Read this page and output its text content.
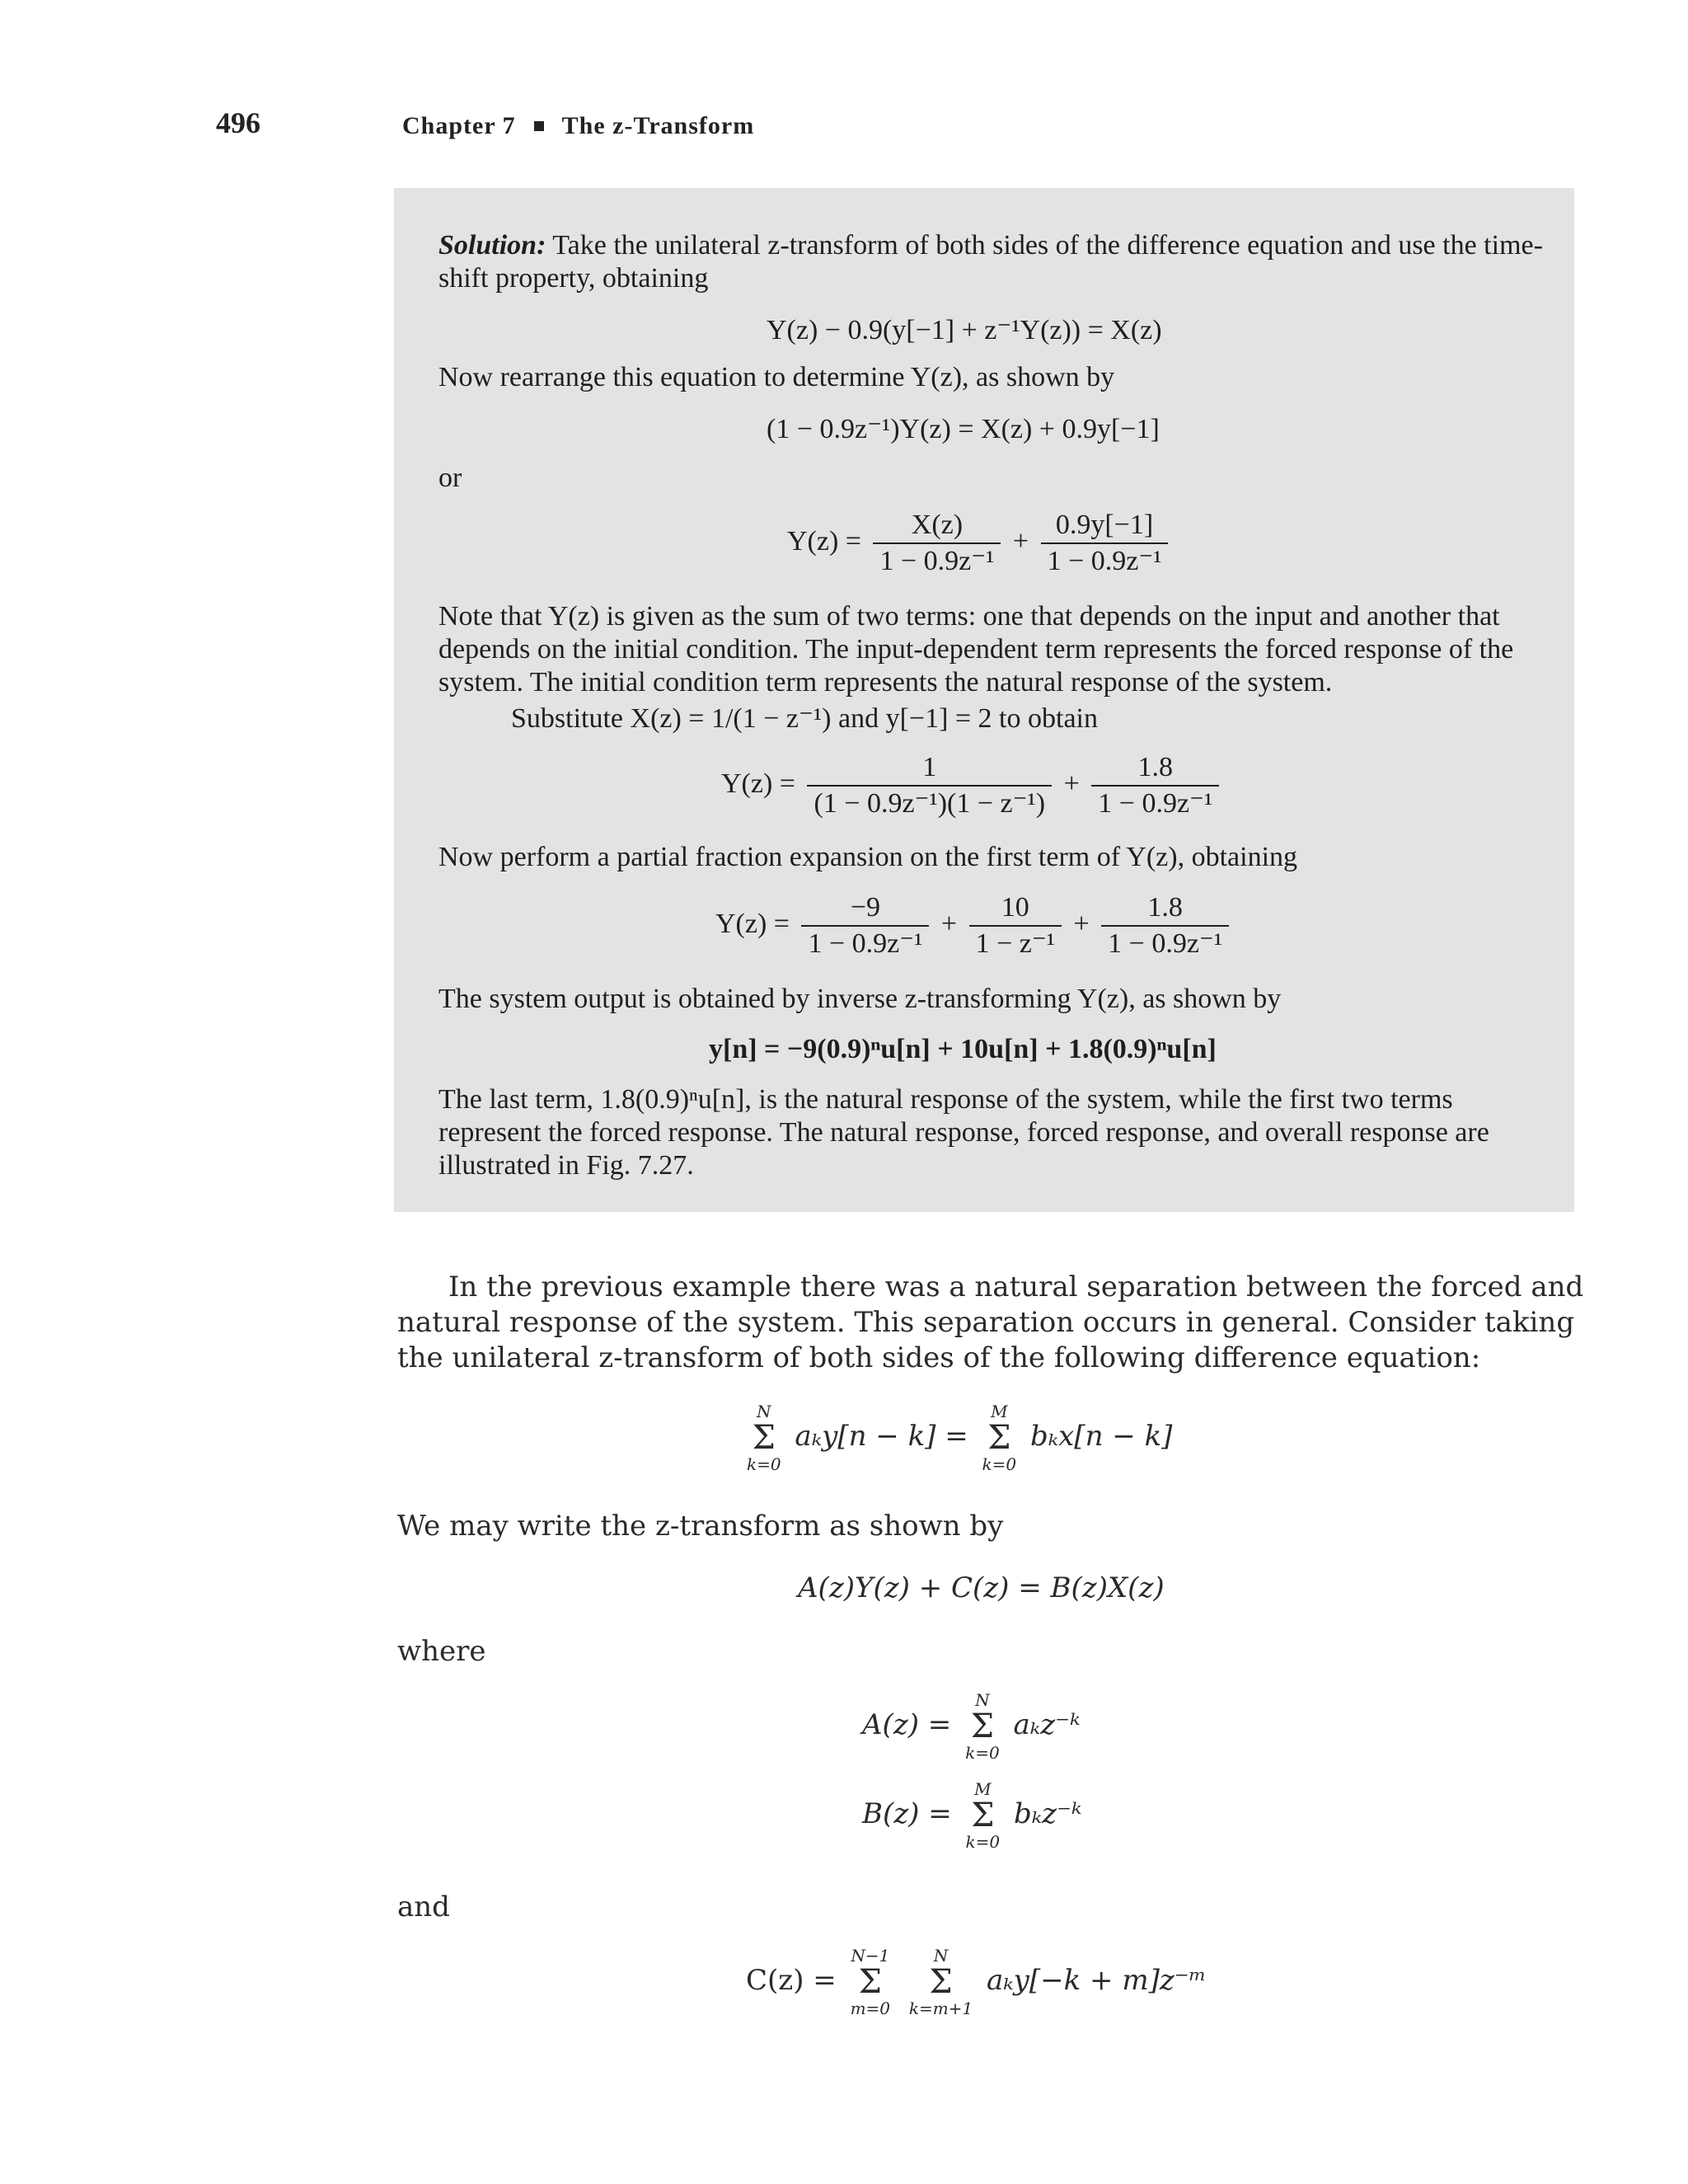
496	Chapter 7 The z-Transform

Solution: Take the unilateral z-transform of both sides of the difference equation and use the time-shift property, obtaining

Y(z) − 0.9(y[−1] + z⁻¹Y(z)) = X(z)
Now rearrange this equation to determine Y(z), as shown by
(1 − 0.9z⁻¹)Y(z) = X(z) + 0.9y[−1]
or
$Y(z) = \frac{X(z)}{\text{1 − 0.9z⁻¹}} + \frac{0.9y[-1]}{\text{1 − 0.9z⁻¹}}$
Note that Y(z) is given as the sum of two terms: one that depends on the input and another that depends on the initial condition. The input-dependent term represents the forced response of the system. The initial condition term represents the natural response of the system.
Substitute X(z) = 1/(1 − z⁻¹) and y[−1] = 2 to obtain
$Y(z) = \frac{1}{\text{(1 − 0.9z⁻¹)(1 − z⁻¹)}} + \frac{1.8}{\text{1 − 0.9z⁻¹}}$
Now perform a partial fraction expansion on the first term of Y(z), obtaining
$Y(z) = \frac{-9}{\text{1 − 0.9z⁻¹}} + \frac{10}{\text{1 − z⁻¹}} + \frac{1.8}{\text{1 − 0.9z⁻¹}}$
The system output is obtained by inverse z-transforming Y(z), as shown by
y[n] = −9(0.9)ⁿu[n] + 10u[n] + 1.8(0.9)ⁿu[n]
The last term, 1.8(0.9)ⁿu[n], is the natural response of the system, while the first two terms represent the forced response. The natural response, forced response, and overall response are illustrated in Fig. 7.27.
In the previous example there was a natural separation between the forced and natural response of the system. This separation occurs in general. Consider taking the unilateral z-transform of both sides of the following difference equation:
N
Σ
k=0
aₖy[n − k] =
M
Σ
k=0
bₖx[n − k]
We may write the z-transform as shown by
A(z)Y(z) + C(z) = B(z)X(z)
where
A(z) =
N
Σ
k=0
aₖz⁻ᵏ
B(z) =
M
Σ
k=0
bₖz⁻ᵏ
and
C(z) =
N−1
Σ
m=0

N
Σ
k=m+1
aₖy[−k + m]z⁻ᵐ
